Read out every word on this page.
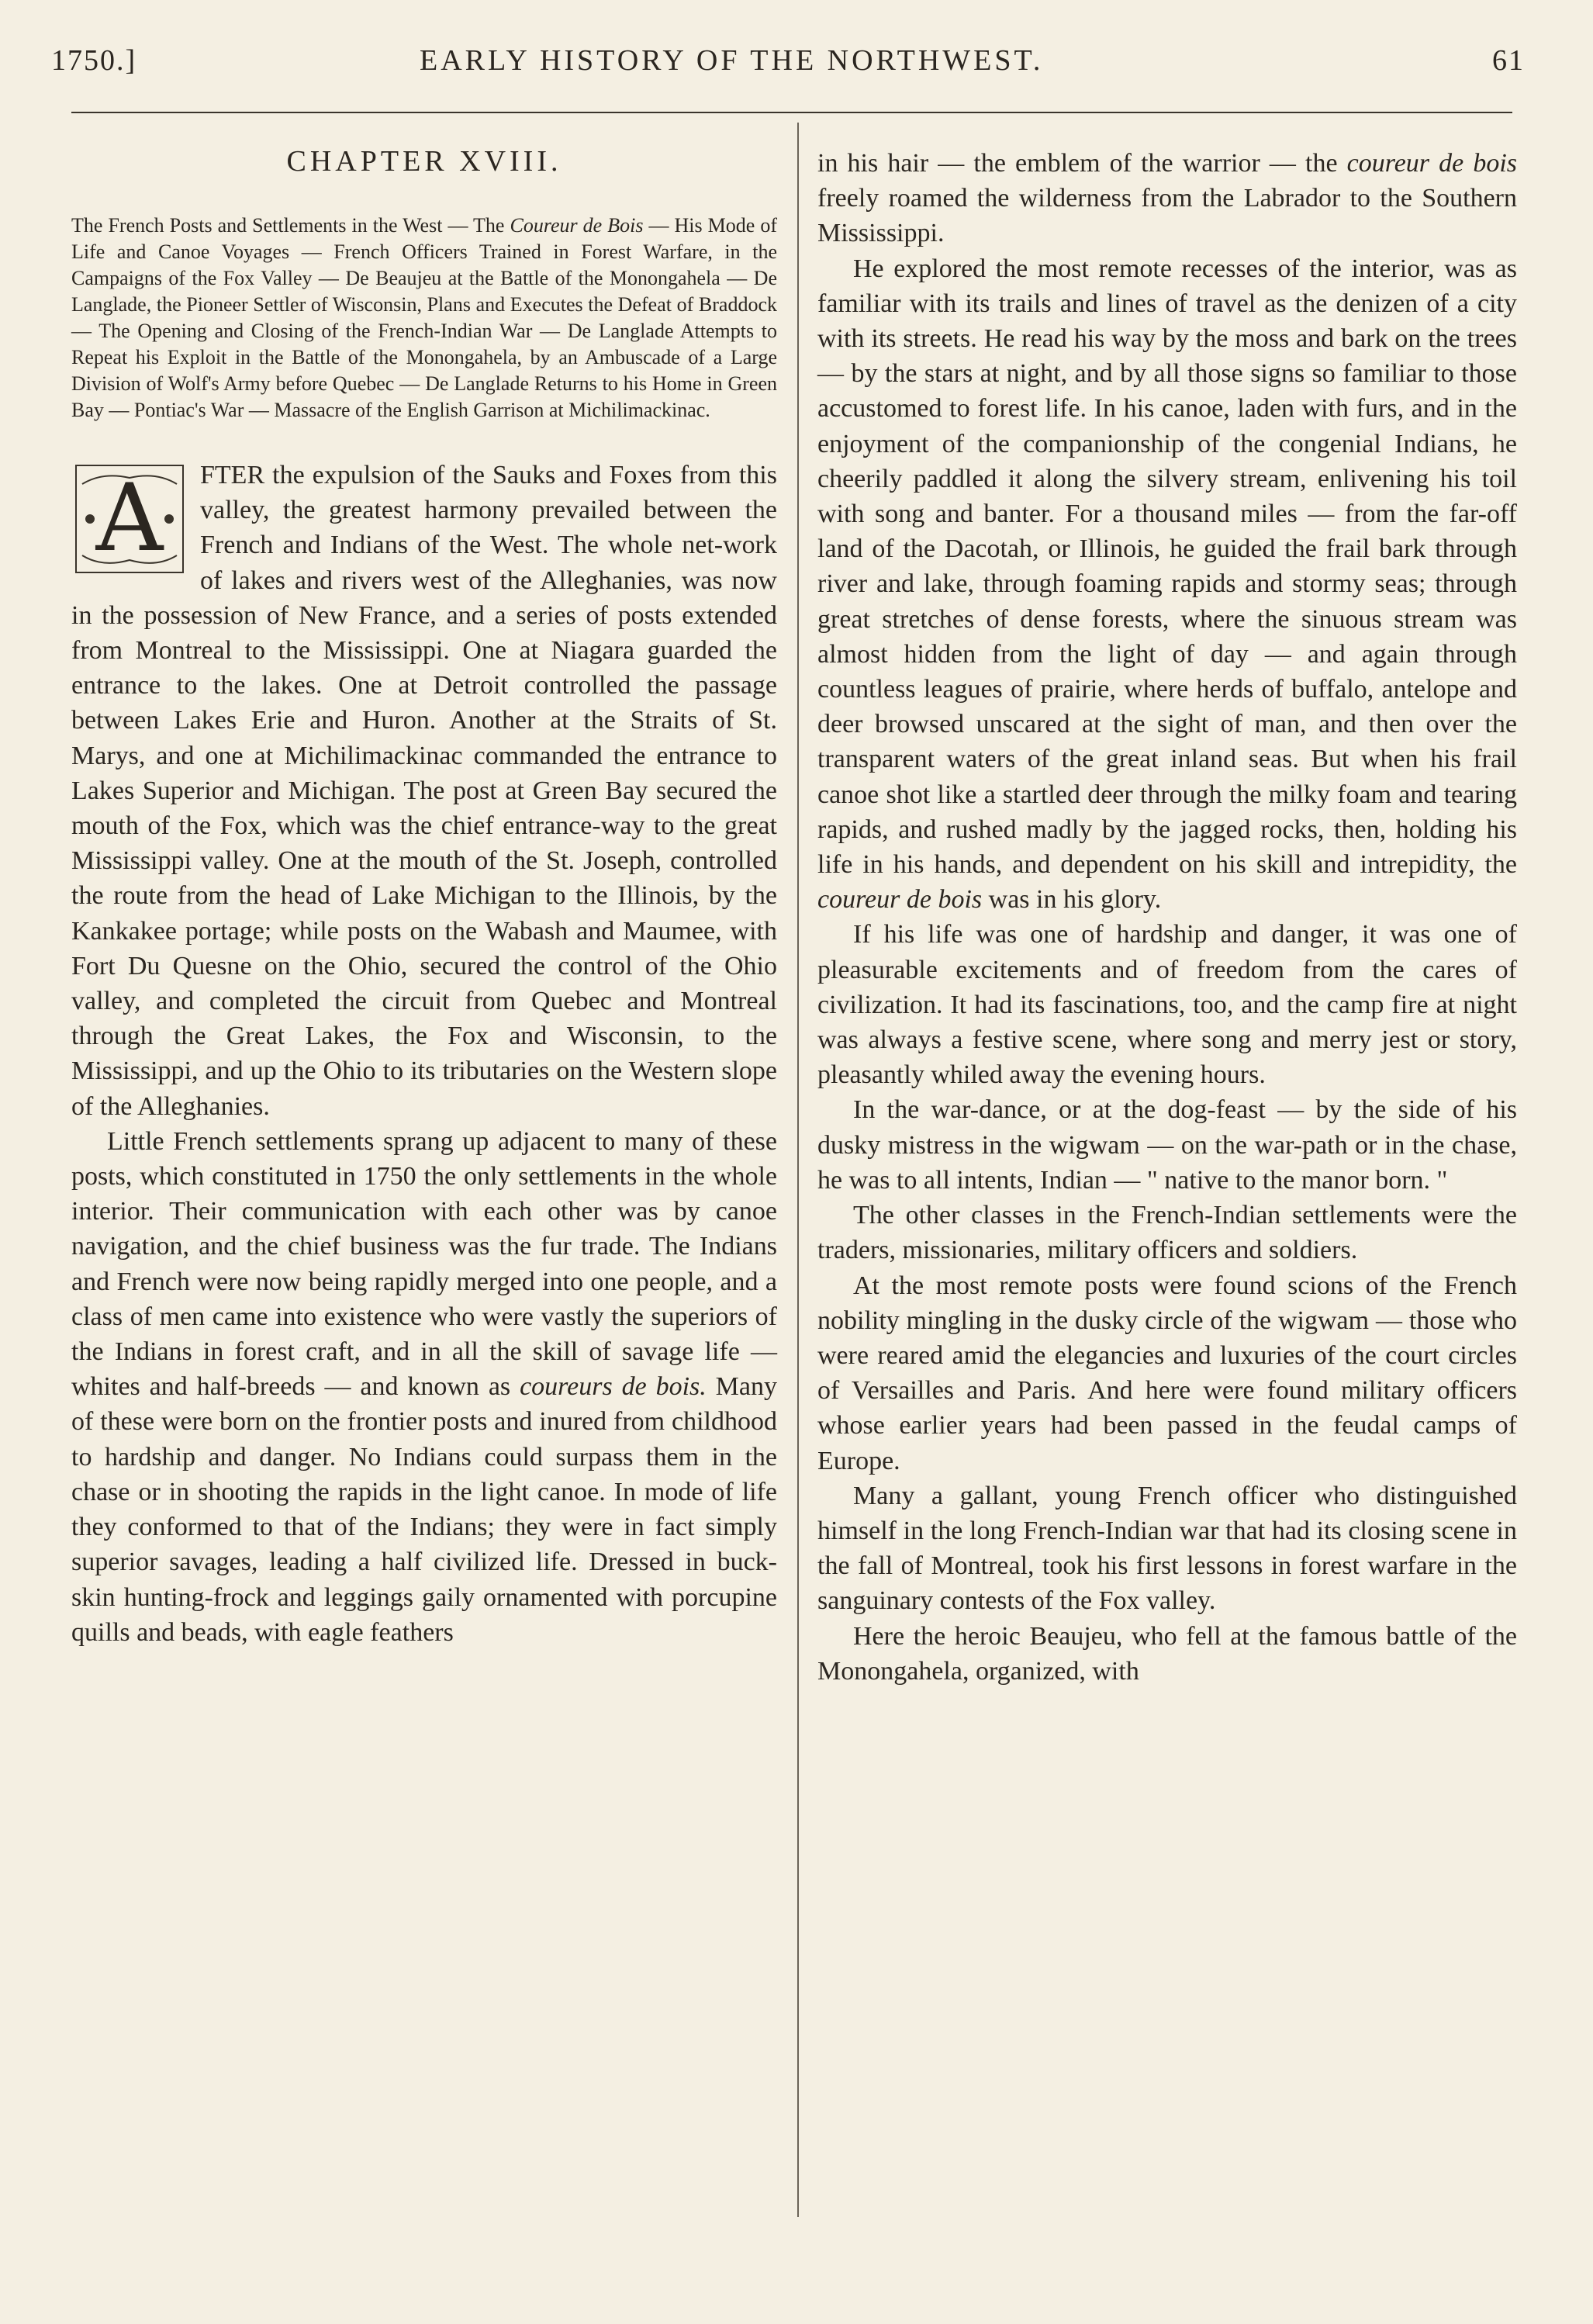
1750.]	EARLY HISTORY OF THE NORTHWEST.	61
CHAPTER XVIII.

The French Posts and Settlements in the West — The Coureur de Bois — His Mode of Life and Canoe Voyages — French Officers Trained in Forest Warfare, in the Campaigns of the Fox Valley — De Beaujeu at the Battle of the Monongahela — De Langlade, the Pioneer Settler of Wisconsin, Plans and Executes the Defeat of Braddock — The Opening and Closing of the French-Indian War — De Langlade Attempts to Repeat his Exploit in the Battle of the Monongahela, by an Ambuscade of a Large Division of Wolf's Army before Quebec — De Langlade Returns to his Home in Green Bay — Pontiac's War — Massacre of the English Garrison at Michilimackinac.

A	FTER the expulsion of the Sauks and Foxes from this valley, the greatest harmony prevailed between the French and Indians of the West. The whole net-work of lakes and rivers west of the Alleghanies, was now in the possession of New France, and a series of posts extended from Montreal to the Mississippi. One at Niagara guarded the entrance to the lakes. One at Detroit controlled the passage between Lakes Erie and Huron. Another at the Straits of St. Marys, and one at Michilimackinac commanded the entrance to Lakes Superior and Michigan. The post at Green Bay secured the mouth of the Fox, which was the chief entrance-way to the great Mississippi valley. One at the mouth of the St. Joseph, controlled the route from the head of Lake Michigan to the Illinois, by the Kankakee portage; while posts on the Wabash and Maumee, with Fort Du Quesne on the Ohio, secured the control of the Ohio valley, and completed the circuit from Quebec and Montreal through the Great Lakes, the Fox and Wisconsin, to the Mississippi, and up the Ohio to its tributaries on the Western slope of the Alleghanies.

Little French settlements sprang up adjacent to many of these posts, which constituted in 1750 the only settlements in the whole interior. Their communication with each other was by canoe navigation, and the chief business was the fur trade. The Indians and French were now being rapidly merged into one people, and a class of men came into existence who were vastly the superiors of the Indians in forest craft, and in all the skill of savage life — whites and half-breeds — and known as coureurs de bois. Many of these were born on the frontier posts and inured from childhood to hardship and danger. No Indians could surpass them in the chase or in shooting the rapids in the light canoe. In mode of life they conformed to that of the Indians; they were in fact simply superior savages, leading a half civilized life. Dressed in buck-skin hunting-frock and leggings gaily ornamented with porcupine quills and beads, with eagle feathers

in his hair — the emblem of the warrior — the coureur de bois freely roamed the wilderness from the Labrador to the Southern Mississippi.

He explored the most remote recesses of the interior, was as familiar with its trails and lines of travel as the denizen of a city with its streets. He read his way by the moss and bark on the trees — by the stars at night, and by all those signs so familiar to those accustomed to forest life. In his canoe, laden with furs, and in the enjoyment of the companionship of the congenial Indians, he cheerily paddled it along the silvery stream, enlivening his toil with song and banter. For a thousand miles — from the far-off land of the Dacotah, or Illinois, he guided the frail bark through river and lake, through foaming rapids and stormy seas; through great stretches of dense forests, where the sinuous stream was almost hidden from the light of day — and again through countless leagues of prairie, where herds of buffalo, antelope and deer browsed unscared at the sight of man, and then over the transparent waters of the great inland seas. But when his frail canoe shot like a startled deer through the milky foam and tearing rapids, and rushed madly by the jagged rocks, then, holding his life in his hands, and dependent on his skill and intrepidity, the coureur de bois was in his glory.

If his life was one of hardship and danger, it was one of pleasurable excitements and of freedom from the cares of civilization. It had its fascinations, too, and the camp fire at night was always a festive scene, where song and merry jest or story, pleasantly whiled away the evening hours.

In the war-dance, or at the dog-feast — by the side of his dusky mistress in the wigwam — on the war-path or in the chase, he was to all intents, Indian — " native to the manor born. "

The other classes in the French-Indian settlements were the traders, missionaries, military officers and soldiers.

At the most remote posts were found scions of the French nobility mingling in the dusky circle of the wigwam — those who were reared amid the elegancies and luxuries of the court circles of Versailles and Paris. And here were found military officers whose earlier years had been passed in the feudal camps of Europe.

Many a gallant, young French officer who distinguished himself in the long French-Indian war that had its closing scene in the fall of Montreal, took his first lessons in forest warfare in the sanguinary contests of the Fox valley.

Here the heroic Beaujeu, who fell at the famous battle of the Monongahela, organized, with
